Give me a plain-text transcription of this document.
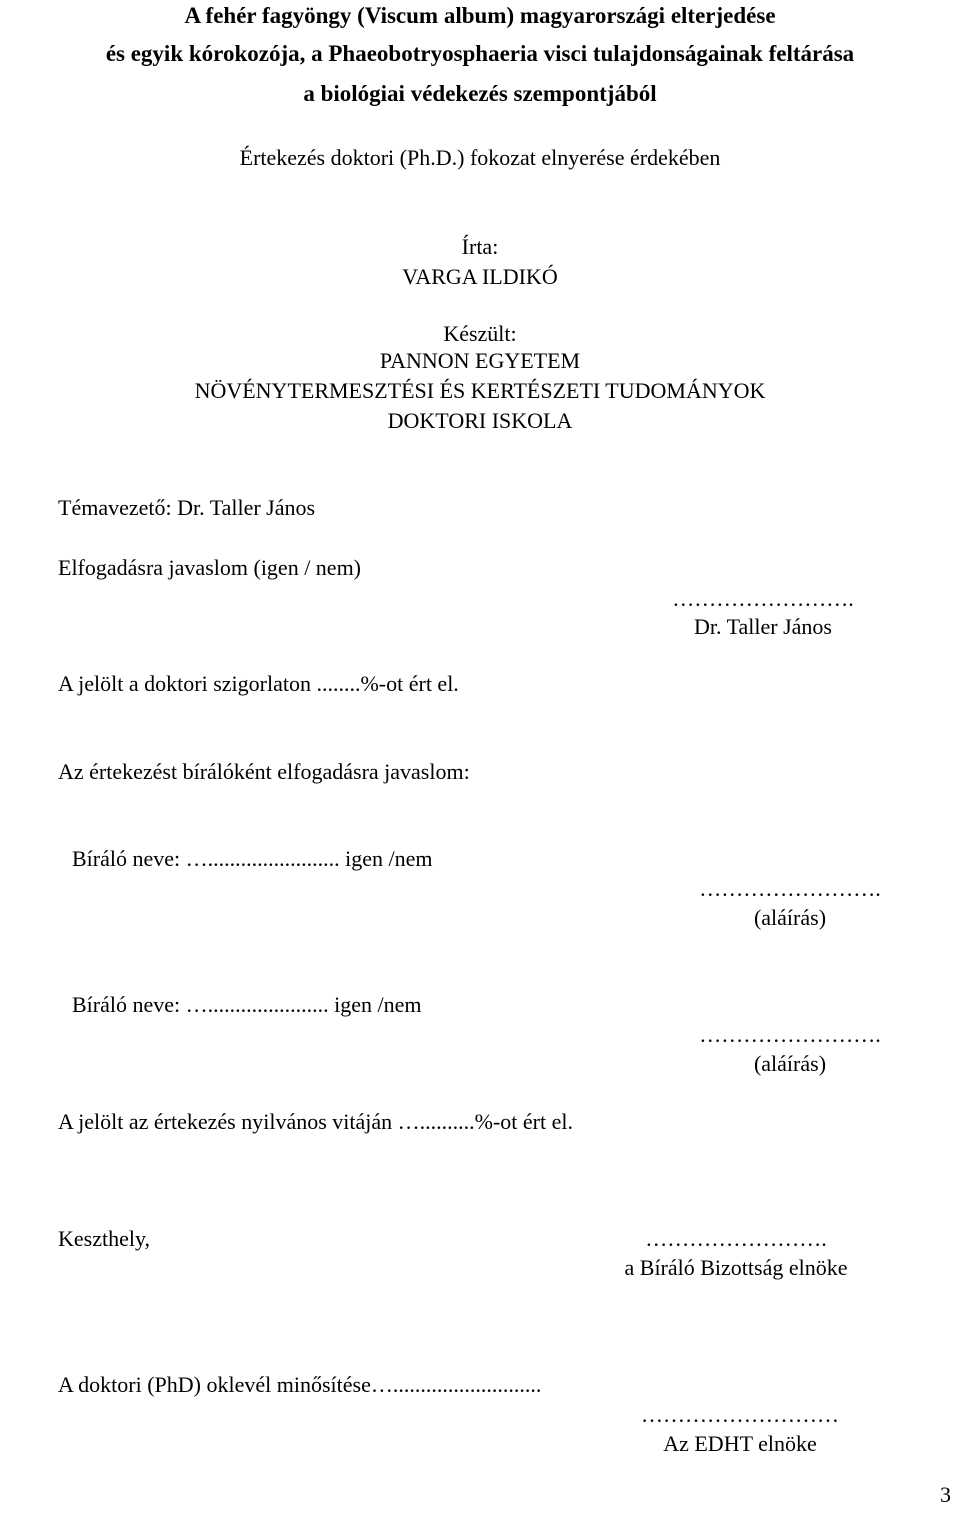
A fehér fagyöngy (Viscum album) magyarországi elterjedése
és egyik kórokozója, a Phaeobotryosphaeria visci tulajdonságainak feltárása
a biológiai védekezés szempontjából
Értekezés doktori (Ph.D.) fokozat elnyerése érdekében
Írta:
VARGA ILDIKÓ
Készült:
PANNON EGYETEM
NÖVÉNYTERMESZTÉSI ÉS KERTÉSZETI TUDOMÁNYOK
DOKTORI ISKOLA
Témavezető: Dr. Taller János
Elfogadásra javaslom (igen / nem)
…………………….
Dr. Taller János
A jelölt a doktori szigorlaton ........%-ot ért el.
Az értekezést bírálóként elfogadásra javaslom:
Bíráló neve: …........................ igen /nem
…………………….
(aláírás)
Bíráló neve: …...................... igen /nem
…………………….
(aláírás)
A jelölt az értekezés nyilvános vitáján …..........%-ot ért el.
Keszthely,	…………………….
a Bíráló Bizottság elnöke
A doktori (PhD) oklevél minősítése…...........................
………………………
Az EDHT elnöke
3
